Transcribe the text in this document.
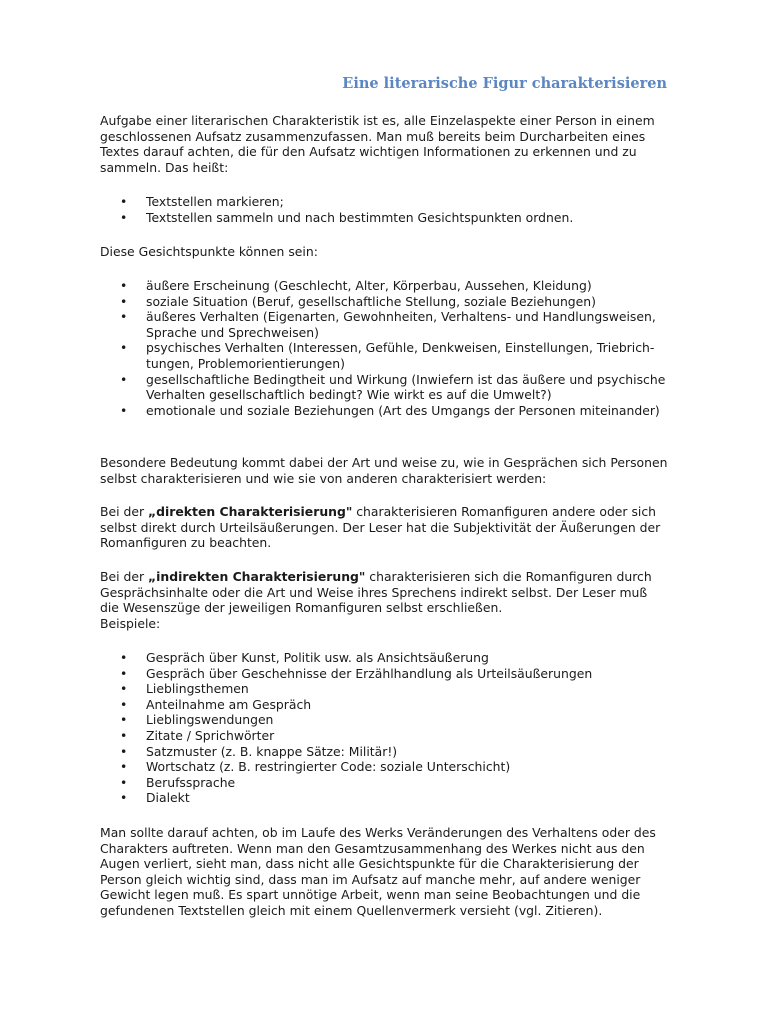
Eine literarische Figur charakterisieren

Aufgabe einer literarischen Charakteristik ist es, alle Einzelaspekte einer Person in einem geschlossenen Aufsatz zusammenzufassen. Man muß bereits beim Durcharbeiten eines Textes darauf achten, die für den Aufsatz wichtigen Informationen zu erkennen und zu sammeln. Das heißt:

• Textstellen markieren;
• Textstellen sammeln und nach bestimmten Gesichtspunkten ordnen.

Diese Gesichtspunkte können sein:

• äußere Erscheinung (Geschlecht, Alter, Körperbau, Aussehen, Kleidung)
• soziale Situation (Beruf, gesellschaftliche Stellung, soziale Beziehungen)
• äußeres Verhalten (Eigenarten, Gewohnheiten, Verhaltens- und Handlungsweisen, Sprache und Sprechweisen)
• psychisches Verhalten (Interessen, Gefühle, Denkweisen, Einstellungen, Triebrich-tungen, Problemorientierungen)
• gesellschaftliche Bedingtheit und Wirkung (Inwiefern ist das äußere und psychische Verhalten gesellschaftlich bedingt? Wie wirkt es auf die Umwelt?)
• emotionale und soziale Beziehungen (Art des Umgangs der Personen miteinander)

Besondere Bedeutung kommt dabei der Art und weise zu, wie in Gesprächen sich Personen selbst charakterisieren und wie sie von anderen charakterisiert werden:

Bei der „direkten Charakterisierung" charakterisieren Romanfiguren andere oder sich selbst direkt durch Urteilsäußerungen. Der Leser hat die Subjektivität der Äußerungen der Romanfiguren zu beachten.

Bei der „indirekten Charakterisierung" charakterisieren sich die Romanfiguren durch Gesprächsinhalte oder die Art und Weise ihres Sprechens indirekt selbst. Der Leser muß die Wesenszüge der jeweiligen Romanfiguren selbst erschließen.

Beispiele:

• Gespräch über Kunst, Politik usw. als Ansichtsäußerung
• Gespräch über Geschehnisse der Erzählhandlung als Urteilsäußerungen
• Lieblingsthemen
• Anteilnahme am Gespräch
• Lieblingswendungen
• Zitate / Sprichwörter
• Satzmuster (z. B. knappe Sätze: Militär!)
• Wortschatz (z. B. restringierter Code: soziale Unterschicht)
• Berufssprache
• Dialekt

Man sollte darauf achten, ob im Laufe des Werks Veränderungen des Verhaltens oder des Charakters auftreten. Wenn man den Gesamtzusammenhang des Werkes nicht aus den Augen verliert, sieht man, dass nicht alle Gesichtspunkte für die Charakterisierung der Person gleich wichtig sind, dass man im Aufsatz auf manche mehr, auf andere weniger Gewicht legen muß. Es spart unnötige Arbeit, wenn man seine Beobachtungen und die gefundenen Textstellen gleich mit einem Quellenvermerk versieht (vgl. Zitieren).
